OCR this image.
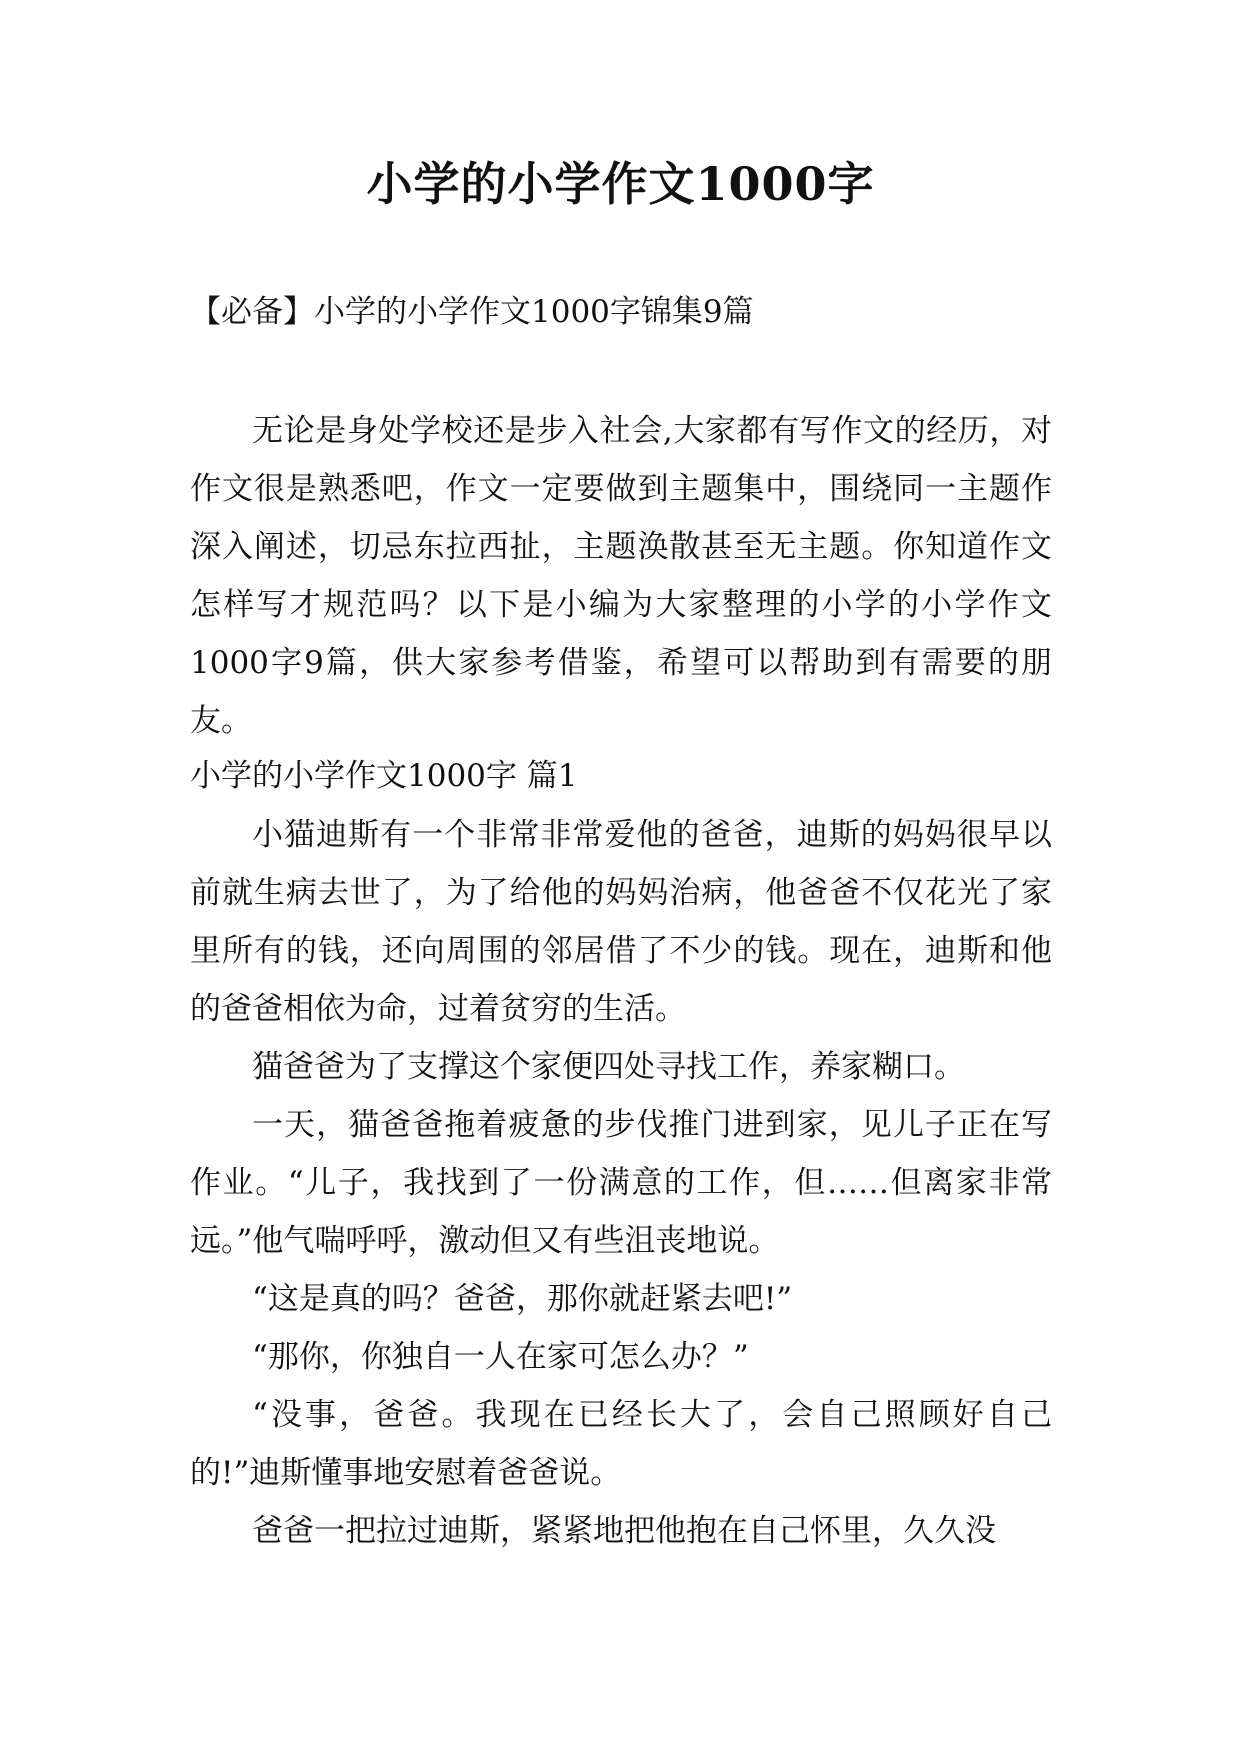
小学的小学作文1000字
【必备】小学的小学作文1000字锦集9篇

无论是身处学校还是步入社会,大家都有写作文的经历，对作文很是熟悉吧，作文一定要做到主题集中，围绕同一主题作深入阐述，切忌东拉西扯，主题涣散甚至无主题。你知道作文怎样写才规范吗？以下是小编为大家整理的小学的小学作文1000字9篇，供大家参考借鉴，希望可以帮助到有需要的朋友。

小学的小学作文1000字 篇1

小猫迪斯有一个非常非常爱他的爸爸，迪斯的妈妈很早以前就生病去世了，为了给他的妈妈治病，他爸爸不仅花光了家里所有的钱，还向周围的邻居借了不少的钱。现在，迪斯和他的爸爸相依为命，过着贫穷的生活。

猫爸爸为了支撑这个家便四处寻找工作，养家糊口。

一天，猫爸爸拖着疲惫的步伐推门进到家，见儿子正在写作业。“儿子，我找到了一份满意的工作，但……但离家非常远。”他气喘呼呼，激动但又有些沮丧地说。

“这是真的吗？爸爸，那你就赶紧去吧!”

“那你，你独自一人在家可怎么办？”

“没事，爸爸。我现在已经长大了，会自己照顾好自己的!”迪斯懂事地安慰着爸爸说。

爸爸一把拉过迪斯，紧紧地把他抱在自己怀里，久久没
